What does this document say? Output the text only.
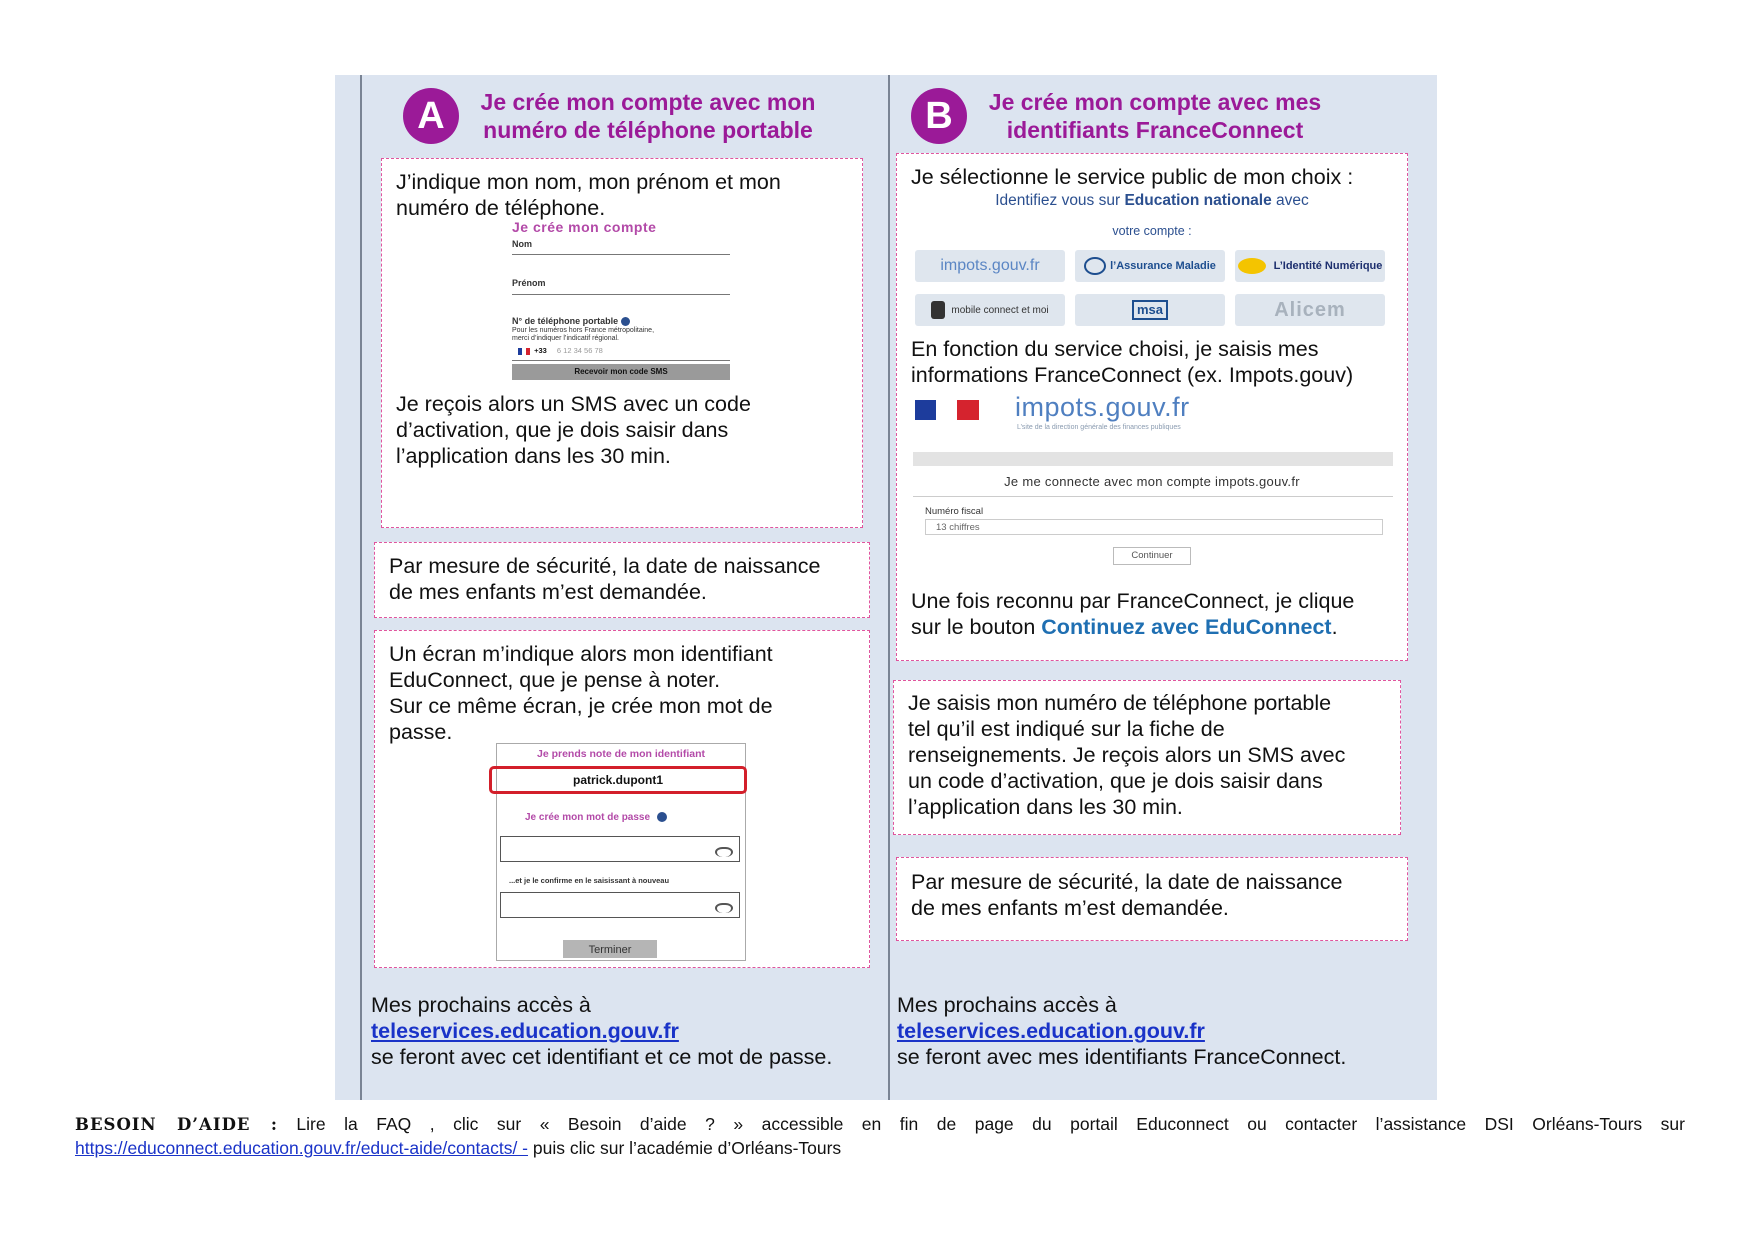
A	Je crée mon compte avec mon
numéro de téléphone portable
J’indique mon nom, mon prénom et mon
numéro de téléphone.
Je crée mon compte
Nom
Prénom
N° de téléphone portable
Pour les numéros hors France métropolitaine,
merci d’indiquer l’indicatif régional.
+33 6 12 34 56 78
Recevoir mon code SMS
Je reçois alors un SMS avec un code
d’activation, que je dois saisir dans
l’application dans les 30 min.
Par mesure de sécurité, la date de naissance
de mes enfants m’est demandée.
Un écran m’indique alors mon identifiant
EduConnect, que je pense à noter.
Sur ce même écran, je crée mon mot de
passe.
Je prends note de mon identifiant
patrick.dupont1
Je crée mon mot de passe
...et je le confirme en le saisissant à nouveau
Terminer
Mes prochains accès à
teleservices.education.gouv.fr
se feront avec cet identifiant et ce mot de passe.
B	Je crée mon compte avec mes
identifiants FranceConnect
Je sélectionne le service public de mon choix :
Identifiez vous sur Education nationale avec
votre compte :
impots.gouv.fr	l’Assurance Maladie	L’Identité Numérique
mobile connect et moi	msa	Alicem
En fonction du service choisi, je saisis mes
informations FranceConnect (ex. Impots.gouv)
impots.gouv.fr
L’site de la direction générale des finances publiques
Je me connecte avec mon compte impots.gouv.fr
Numéro fiscal
13 chiffres
Continuer
Une fois reconnu par FranceConnect, je clique
sur le bouton Continuez avec EduConnect.
Je saisis mon numéro de téléphone portable
tel qu’il est indiqué sur la fiche de
renseignements. Je reçois alors un SMS avec
un code d’activation, que je dois saisir dans
l’application dans les 30 min.
Par mesure de sécurité, la date de naissance
de mes enfants m’est demandée.
Mes prochains accès à
teleservices.education.gouv.fr
se feront avec mes identifiants FranceConnect.
BESOIN D’AIDE : Lire la FAQ , clic sur « Besoin d’aide ? » accessible en fin de page du portail Educonnect ou contacter l’assistance DSI Orléans-Tours sur
https://educonnect.education.gouv.fr/educt-aide/contacts/ - puis clic sur l’académie d’Orléans-Tours
